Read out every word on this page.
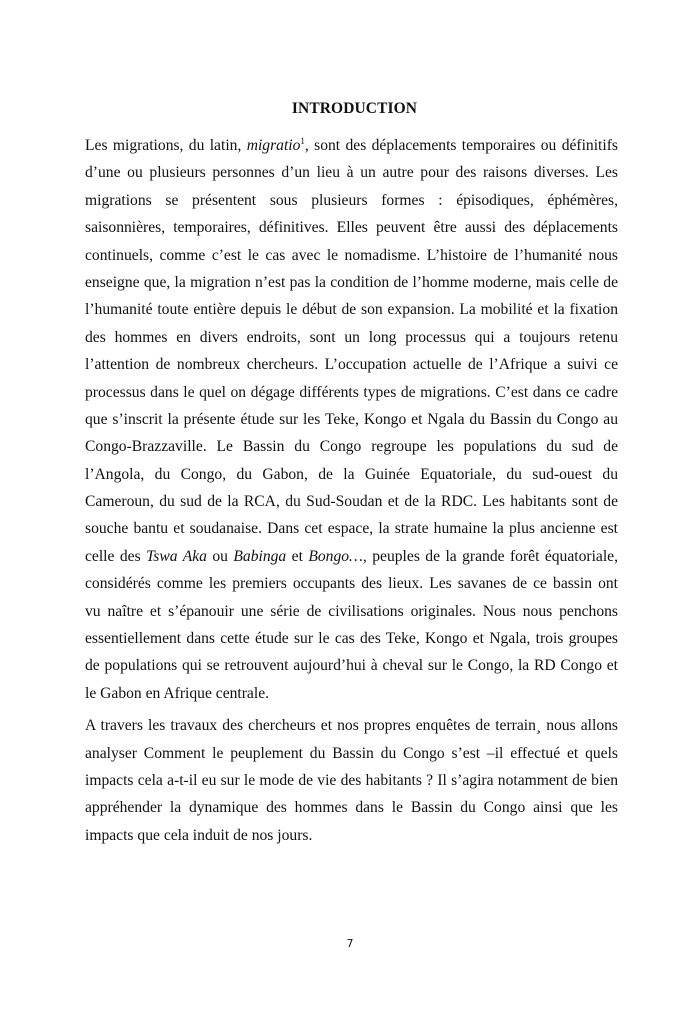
INTRODUCTION
Les migrations, du latin, migratio$^1$, sont des déplacements temporaires ou définitifs
d’une ou plusieurs personnes d’un lieu à un autre pour des raisons diverses. Les
migrations se présentent sous plusieurs formes : épisodiques, éphémères,
saisonnières, temporaires, définitives. Elles peuvent être aussi des déplacements
continuels, comme c’est le cas avec le nomadisme. L’histoire de l’humanité nous
enseigne que, la migration n’est pas la condition de l’homme moderne, mais celle de
l’humanité toute entière depuis le début de son expansion. La mobilité et la fixation
des hommes en divers endroits, sont un long processus qui a toujours retenu
l’attention de nombreux chercheurs. L’occupation actuelle de l’Afrique a suivi ce
processus dans le quel on dégage différents types de migrations. C’est dans ce cadre
que s’inscrit la présente étude sur les Teke, Kongo et Ngala du Bassin du Congo au
Congo-Brazzaville. Le Bassin du Congo regroupe les populations du sud de
l’Angola, du Congo, du Gabon, de la Guinée Equatoriale, du sud-ouest du
Cameroun, du sud de la RCA, du Sud-Soudan et de la RDC. Les habitants sont de
souche bantu et soudanaise. Dans cet espace, la strate humaine la plus ancienne est
celle des Tswa Aka ou Babinga et Bongo…, peuples de la grande forêt équatoriale,
considérés comme les premiers occupants des lieux. Les savanes de ce bassin ont
vu naître et s’épanouir une série de civilisations originales. Nous nous penchons
essentiellement dans cette étude sur le cas des Teke, Kongo et Ngala, trois groupes
de populations qui se retrouvent aujourd’hui à cheval sur le Congo, la RD Congo et
le Gabon en Afrique centrale.
A travers les travaux des chercheurs et nos propres enquêtes de terrain¸ nous allons
analyser Comment le peuplement du Bassin du Congo s’est –il effectué et quels
impacts cela a-t-il eu sur le mode de vie des habitants ? Il s’agira notamment de bien
appréhender la dynamique des hommes dans le Bassin du Congo ainsi que les
impacts que cela induit de nos jours.
7
